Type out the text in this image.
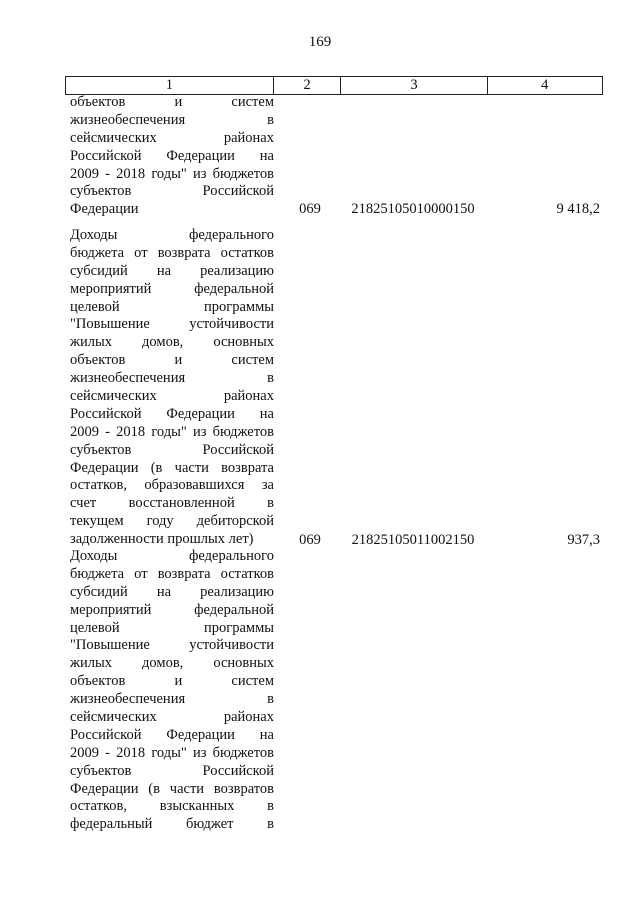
169
1	2	3	4
объектов и систем
жизнеобеспечения в
сейсмических районах
Российской Федерации на
2009 - 2018 годы" из бюджетов
субъектов Российской
Федерации	069	21825105010000150	9 418,2
Доходы федерального
бюджета от возврата остатков
субсидий на реализацию
мероприятий федеральной
целевой программы
"Повышение устойчивости
жилых домов, основных
объектов и систем
жизнеобеспечения в
сейсмических районах
Российской Федерации на
2009 - 2018 годы" из бюджетов
субъектов Российской
Федерации (в части возврата
остатков, образовавшихся за
счет восстановленной в
текущем году дебиторской
задолженности прошлых лет)	069	21825105011002150	937,3
Доходы федерального
бюджета от возврата остатков
субсидий на реализацию
мероприятий федеральной
целевой программы
"Повышение устойчивости
жилых домов, основных
объектов и систем
жизнеобеспечения в
сейсмических районах
Российской Федерации на
2009 - 2018 годы" из бюджетов
субъектов Российской
Федерации (в части возвратов
остатков, взысканных в
федеральный бюджет в
